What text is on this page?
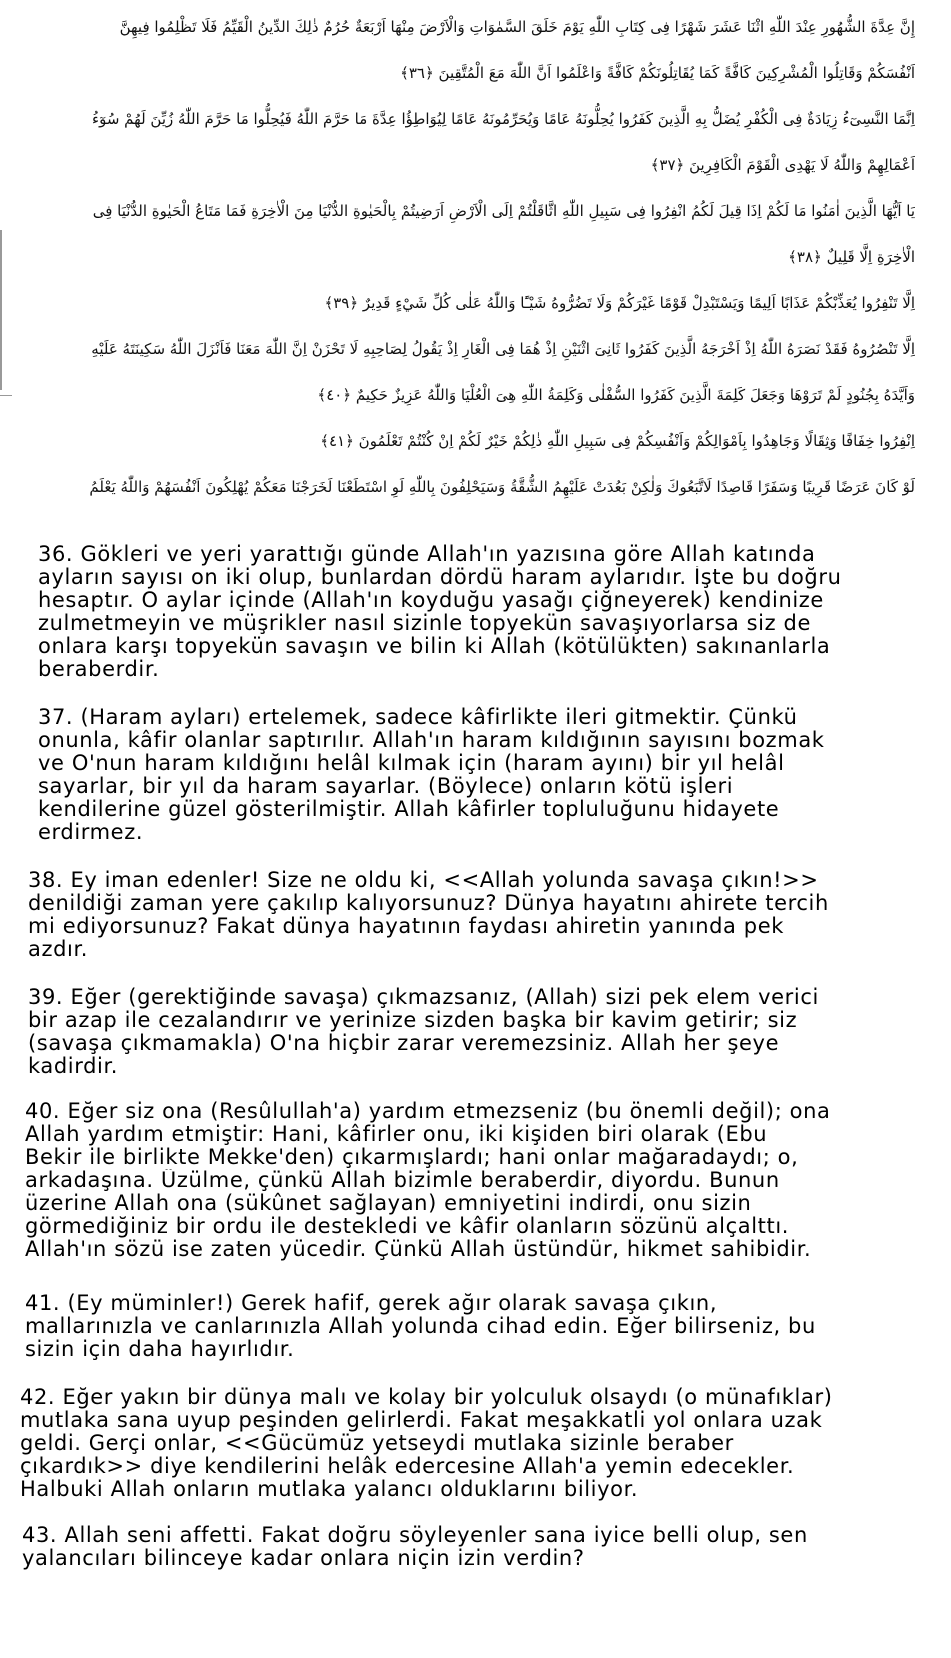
إِنَّ عِدَّةَ الشُّهُورِ عِنْدَ اللّٰهِ اثْنَا عَشَرَ شَهْرًا فِى كِتَابِ اللّٰهِ يَوْمَ خَلَقَ السَّمٰوَاتِ وَالْاَرْضَ مِنْهَا اَرْبَعَةٌ حُرُمٌ ذٰلِكَ الدِّينُ الْقَيِّمُ فَلَا تَظْلِمُوا فِيهِنَّ
اَنْفُسَكُمْ وَقَاتِلُوا الْمُشْرِكِينَ كَافَّةً كَمَا يُقَاتِلُونَكُمْ كَافَّةً وَاعْلَمُوا اَنَّ اللّٰهَ مَعَ الْمُتَّقِينَ ﴿٣٦﴾
اِنَّمَا النَّسِىٓءُ زِيَادَةٌ فِى الْكُفْرِ يُضَلُّ بِهِ الَّذِينَ كَفَرُوا يُحِلُّونَهُ عَامًا وَيُحَرِّمُونَهُ عَامًا لِيُوَاطِؤُا عِدَّةَ مَا حَرَّمَ اللّٰهُ فَيُحِلُّوا مَا حَرَّمَ اللّٰهُ زُيِّنَ لَهُمْ سُوٓءُ
اَعْمَالِهِمْ وَاللّٰهُ لَا يَهْدِى الْقَوْمَ الْكَافِرِينَ ﴿٣٧﴾
يَا اَيُّهَا الَّذِينَ اٰمَنُوا مَا لَكُمْ اِذَا قِيلَ لَكُمُ انْفِرُوا فِى سَبِيلِ اللّٰهِ اثَّاقَلْتُمْ اِلَى الْاَرْضِ اَرَضِيتُمْ بِالْحَيٰوةِ الدُّنْيَا مِنَ الْاٰخِرَةِ فَمَا مَتَاعُ الْحَيٰوةِ الدُّنْيَا فِى
الْاٰخِرَةِ اِلَّا قَلِيلٌ ﴿٣٨﴾
اِلَّا تَنْفِرُوا يُعَذِّبْكُمْ عَذَابًا اَلِيمًا وَيَسْتَبْدِلْ قَوْمًا غَيْرَكُمْ وَلَا تَضُرُّوهُ شَيْـًٔا وَاللّٰهُ عَلٰى كُلِّ شَيْءٍ قَدِيرٌ ﴿٣٩﴾
اِلَّا تَنْصُرُوهُ فَقَدْ نَصَرَهُ اللّٰهُ اِذْ اَخْرَجَهُ الَّذِينَ كَفَرُوا ثَانِىَ اثْنَيْنِ اِذْ هُمَا فِى الْغَارِ اِذْ يَقُولُ لِصَاحِبِهِ لَا تَحْزَنْ اِنَّ اللّٰهَ مَعَنَا فَاَنْزَلَ اللّٰهُ سَكِينَتَهُ عَلَيْهِ
وَاَيَّدَهُ بِجُنُودٍ لَمْ تَرَوْهَا وَجَعَلَ كَلِمَةَ الَّذِينَ كَفَرُوا السُّفْلٰى وَكَلِمَةُ اللّٰهِ هِىَ الْعُلْيَا وَاللّٰهُ عَزِيزٌ حَكِيمٌ ﴿٤٠﴾
اِنْفِرُوا خِفَافًا وَثِقَالًا وَجَاهِدُوا بِاَمْوَالِكُمْ وَاَنْفُسِكُمْ فِى سَبِيلِ اللّٰهِ ذٰلِكُمْ خَيْرٌ لَكُمْ اِنْ كُنْتُمْ تَعْلَمُونَ ﴿٤١﴾
لَوْ كَانَ عَرَضًا قَرِيبًا وَسَفَرًا قَاصِدًا لَاتَّبَعُوكَ وَلٰكِنْ بَعُدَتْ عَلَيْهِمُ الشُّقَّةُ وَسَيَحْلِفُونَ بِاللّٰهِ لَوِ اسْتَطَعْنَا لَخَرَجْنَا مَعَكُمْ يُهْلِكُونَ اَنْفُسَهُمْ وَاللّٰهُ يَعْلَمُ
36. Gökleri ve yeri yarattığı günde Allah'ın yazısına göre Allah katında
ayların sayısı on iki olup, bunlardan dördü haram aylarıdır. İşte bu doğru
hesaptır. O aylar içinde (Allah'ın koyduğu yasağı çiğneyerek) kendinize
zulmetmeyin ve müşrikler nasıl sizinle topyekün savaşıyorlarsa siz de
onlara karşı topyekün savaşın ve bilin ki Allah (kötülükten) sakınanlarla
beraberdir.
37. (Haram ayları) ertelemek, sadece kâfirlikte ileri gitmektir. Çünkü
onunla, kâfir olanlar saptırılır. Allah'ın haram kıldığının sayısını bozmak
ve O'nun haram kıldığını helâl kılmak için (haram ayını) bir yıl helâl
sayarlar, bir yıl da haram sayarlar. (Böylece) onların kötü işleri
kendilerine güzel gösterilmiştir. Allah kâfirler topluluğunu hidayete
erdirmez.
38. Ey iman edenler! Size ne oldu ki, <<Allah yolunda savaşa çıkın!>>
denildiği zaman yere çakılıp kalıyorsunuz? Dünya hayatını ahirete tercih
mi ediyorsunuz? Fakat dünya hayatının faydası ahiretin yanında pek
azdır.
39. Eğer (gerektiğinde savaşa) çıkmazsanız, (Allah) sizi pek elem verici
bir azap ile cezalandırır ve yerinize sizden başka bir kavim getirir; siz
(savaşa çıkmamakla) O'na hiçbir zarar veremezsiniz. Allah her şeye
kadirdir.
40. Eğer siz ona (Resûlullah'a) yardım etmezseniz (bu önemli değil); ona
Allah yardım etmiştir: Hani, kâfirler onu, iki kişiden biri olarak (Ebu
Bekir ile birlikte Mekke'den) çıkarmışlardı; hani onlar mağaradaydı; o,
arkadaşına. Üzülme, çünkü Allah bizimle beraberdir, diyordu. Bunun
üzerine Allah ona (sükûnet sağlayan) emniyetini indirdi, onu sizin
görmediğiniz bir ordu ile destekledi ve kâfir olanların sözünü alçalttı.
Allah'ın sözü ise zaten yücedir. Çünkü Allah üstündür, hikmet sahibidir.
41. (Ey müminler!) Gerek hafif, gerek ağır olarak savaşa çıkın,
mallarınızla ve canlarınızla Allah yolunda cihad edin. Eğer bilirseniz, bu
sizin için daha hayırlıdır.
42. Eğer yakın bir dünya malı ve kolay bir yolculuk olsaydı (o münafıklar)
mutlaka sana uyup peşinden gelirlerdi. Fakat meşakkatli yol onlara uzak
geldi. Gerçi onlar, <<Gücümüz yetseydi mutlaka sizinle beraber
çıkardık>> diye kendilerini helâk edercesine Allah'a yemin edecekler.
Halbuki Allah onların mutlaka yalancı olduklarını biliyor.
43. Allah seni affetti. Fakat doğru söyleyenler sana iyice belli olup, sen
yalancıları bilinceye kadar onlara niçin izin verdin?
